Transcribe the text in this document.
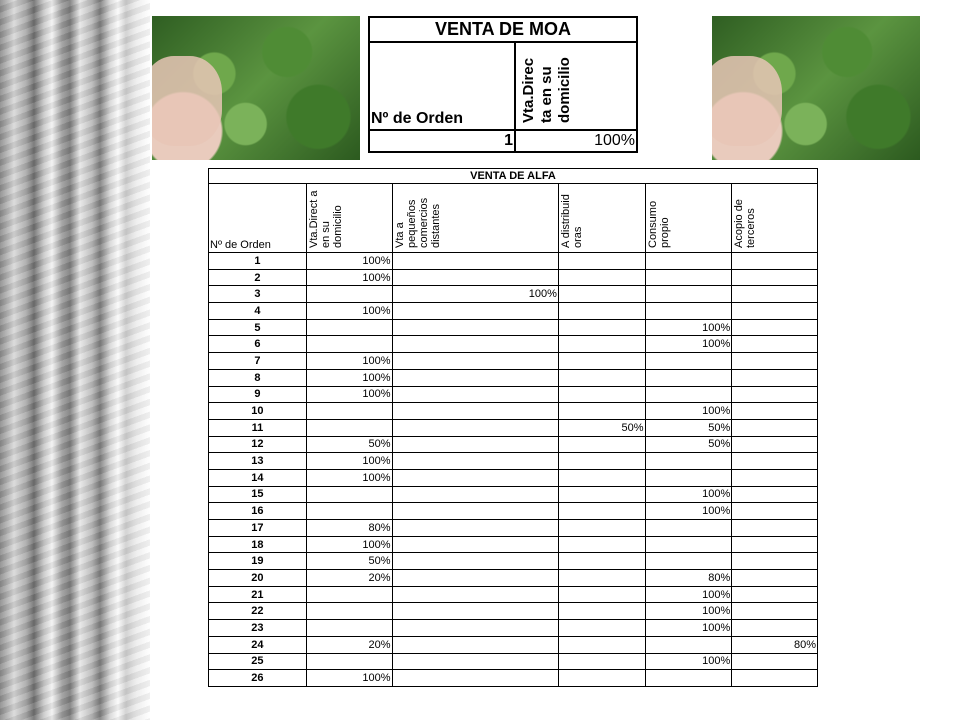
VENTA DE MOA	
Nº de Orden	Vta.Direc ta en su domicilio
1	100%
VENTA DE ALFA					
Nº de Orden	Vta.Direct a en su domicilio	Vta a pequeños comercios distantes	A distribuid oras	Consumo propio	Acopio de terceros
1	100%				
2	100%				
3		100%			
4	100%				
5				100%	
6				100%	
7	100%				
8	100%				
9	100%				
10				100%	
11			50%	50%	
12	50%			50%	
13	100%				
14	100%				
15				100%	
16				100%	
17	80%				
18	100%				
19	50%				
20	20%			80%	
21				100%	
22				100%	
23				100%	
24	20%				80%
25				100%	
26	100%				
